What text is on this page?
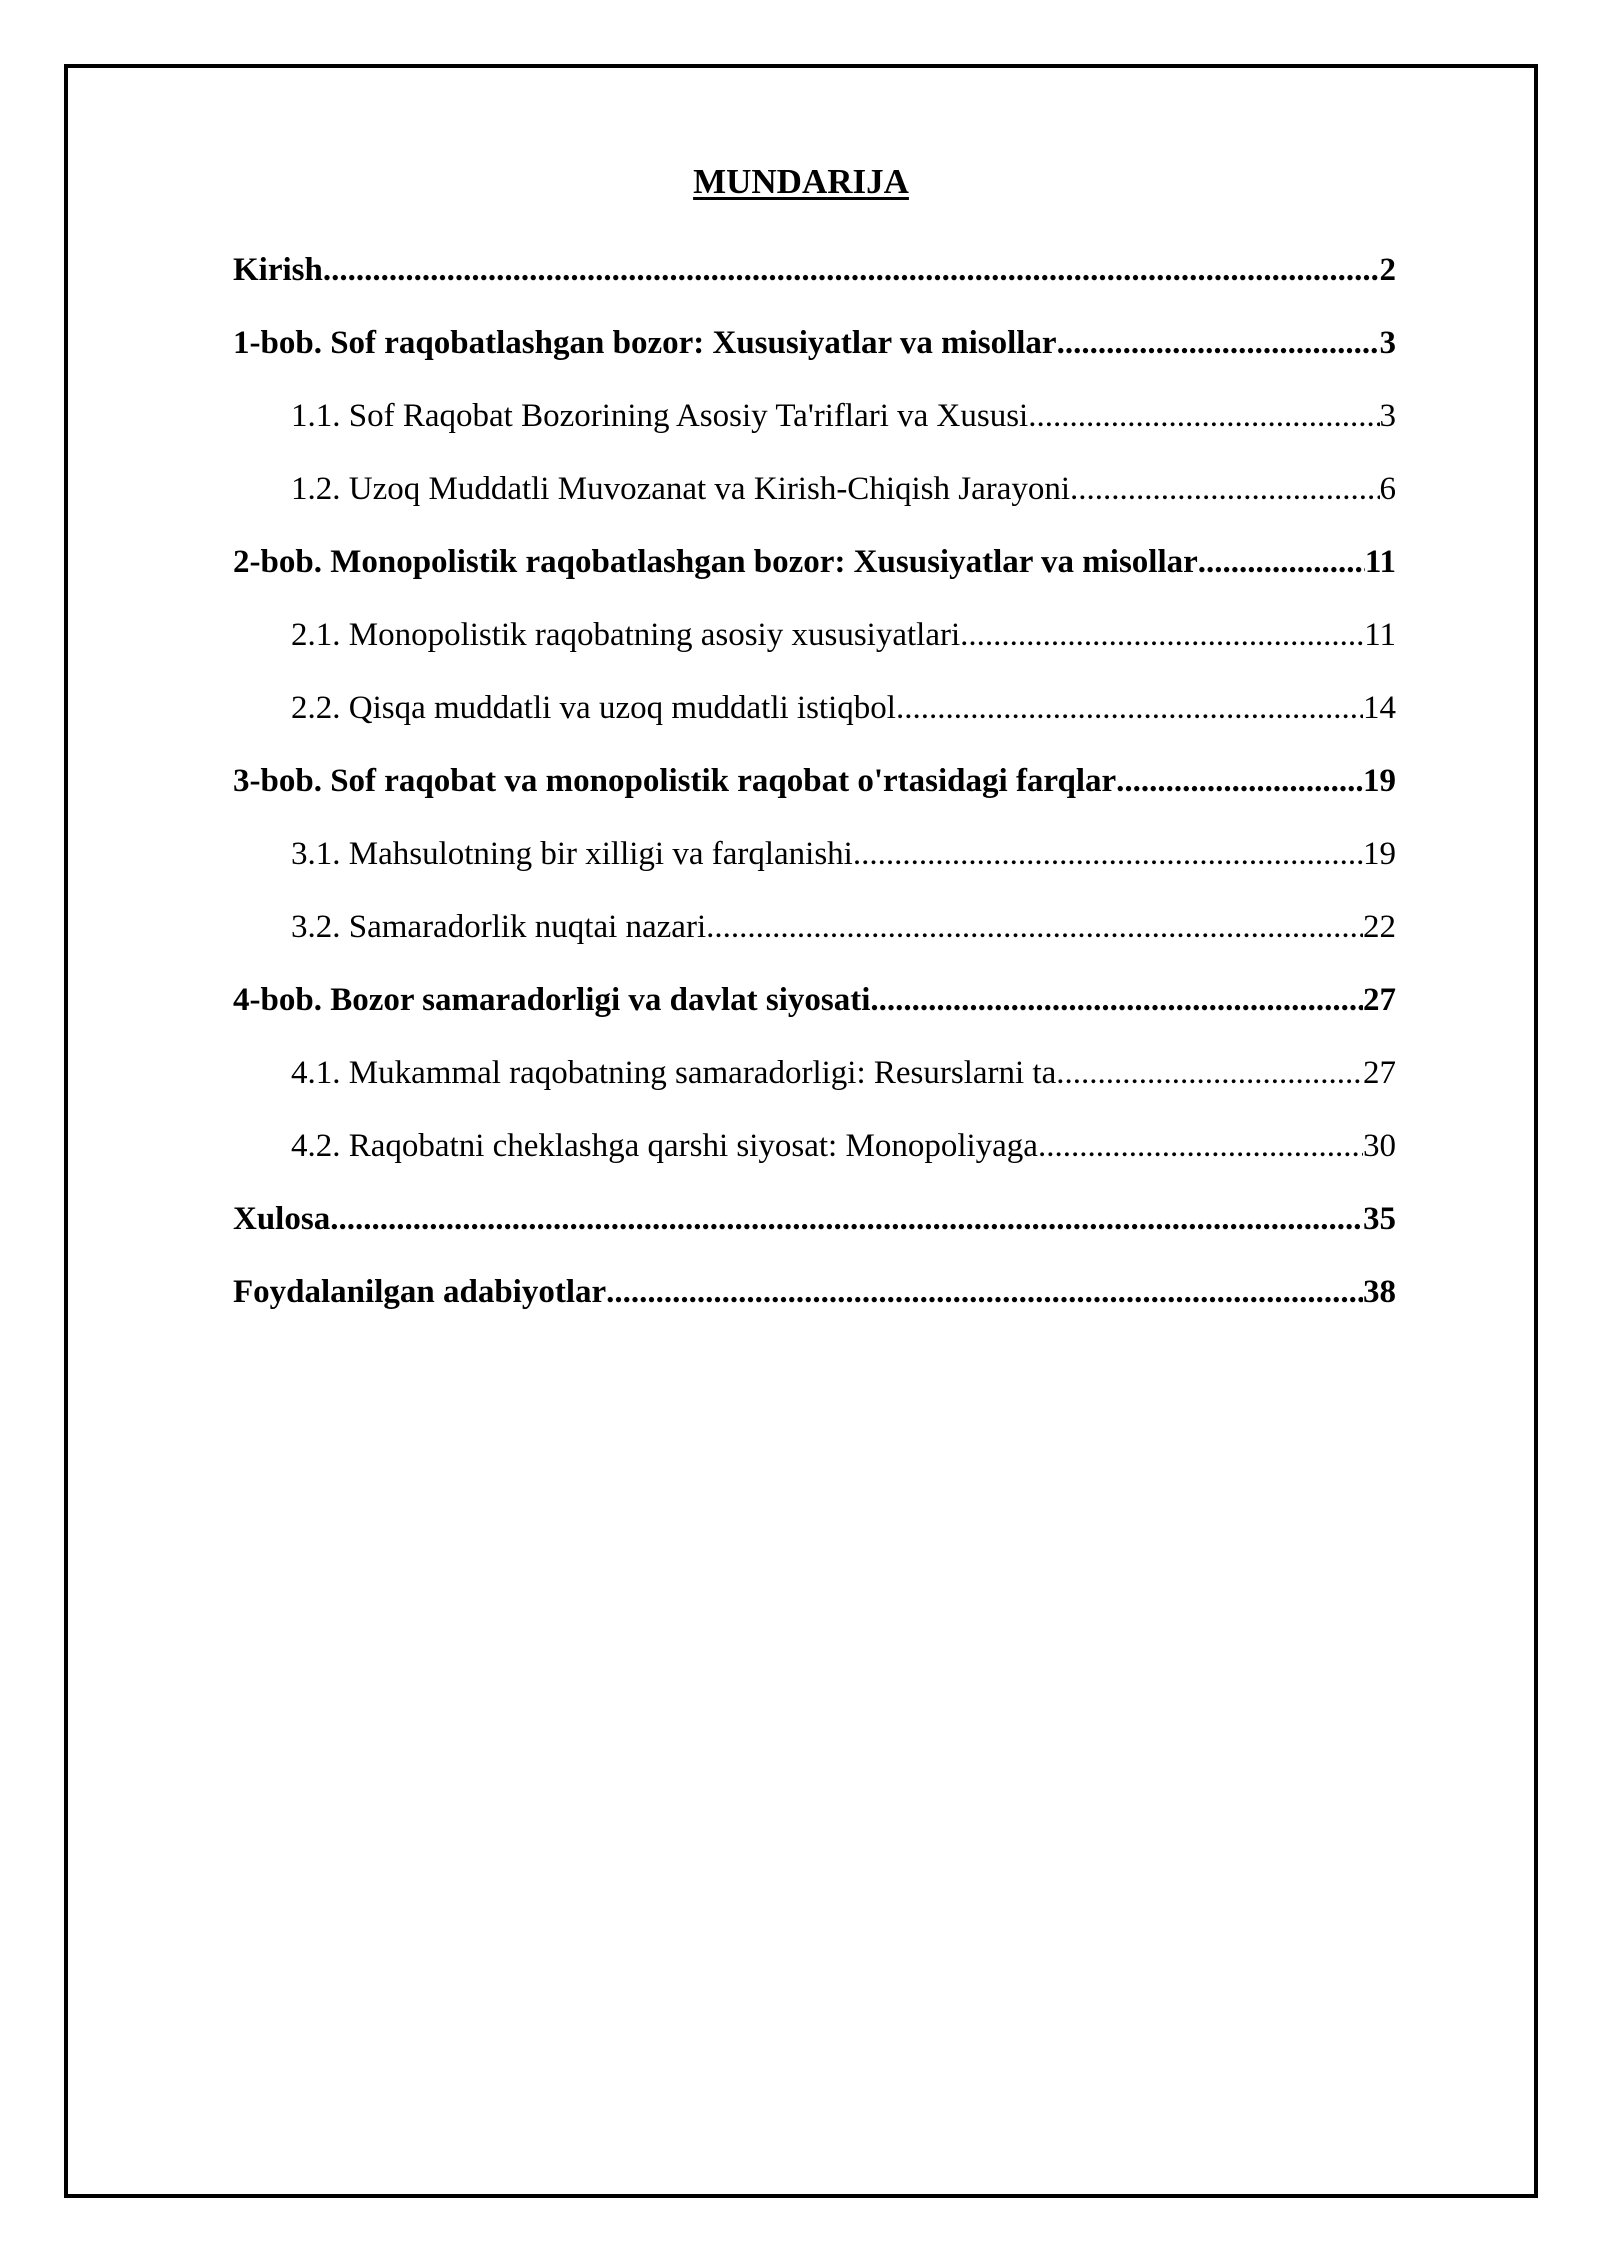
MUNDARIJA
Kirish .....	2
1-bob. Sof raqobatlashgan bozor: Xususiyatlar va misollar .....	3
1.1. Sof Raqobat Bozorining Asosiy Ta'riflari va Xususi .....	3
1.2. Uzoq Muddatli Muvozanat va Kirish-Chiqish Jarayoni .....	6
2-bob. Monopolistik raqobatlashgan bozor: Xususiyatlar va misollar .....	11
2.1. Monopolistik raqobatning asosiy xususiyatlari .....	11
2.2. Qisqa muddatli va uzoq muddatli istiqbol .....	14
3-bob. Sof raqobat va monopolistik raqobat o'rtasidagi farqlar .....	19
3.1. Mahsulotning bir xilligi va farqlanishi .....	19
3.2. Samaradorlik nuqtai nazari .....	22
4-bob. Bozor samaradorligi va davlat siyosati .....	27
4.1. Mukammal raqobatning samaradorligi: Resurslarni ta .....	27
4.2. Raqobatni cheklashga qarshi siyosat: Monopoliyaga .....	30
Xulosa .....	35
Foydalanilgan adabiyotlar .....	38
